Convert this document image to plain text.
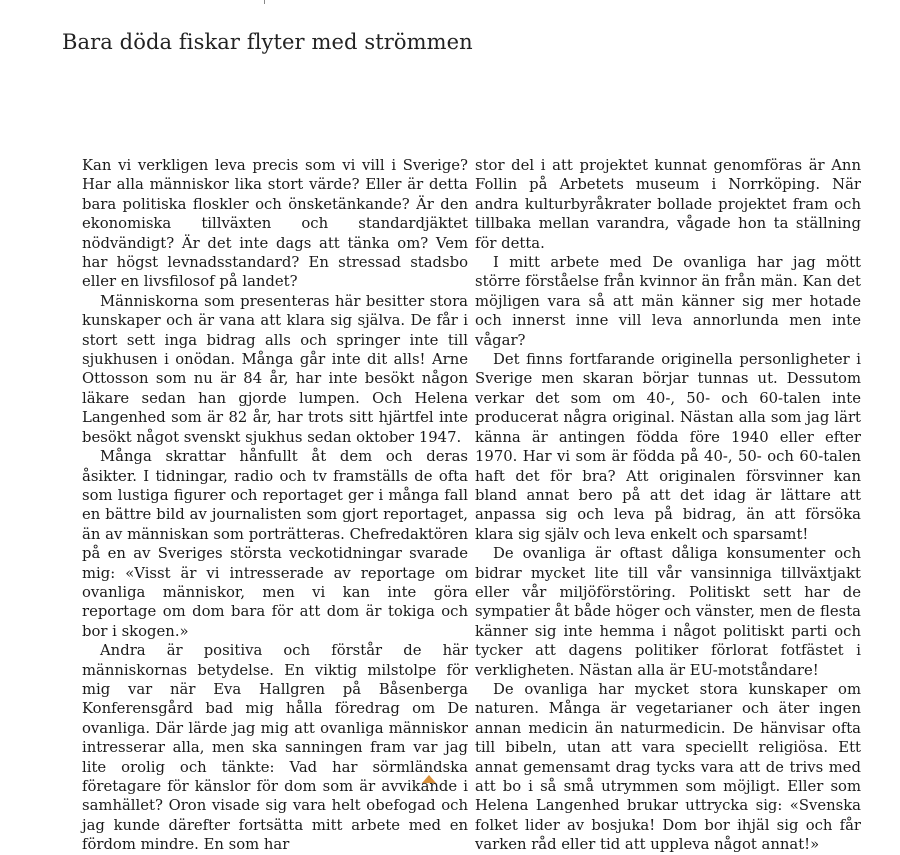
Bara döda fiskar flyter med strömmen

Kan vi verkligen leva precis som vi vill i Sverige? Har alla människor lika stort värde? Eller är detta bara politiska floskler och önsketänkande? Är den ekonomiska tillväxten och standardjäktet nödvändigt? Är det inte dags att tänka om? Vem har högst levnadsstandard? En stressad stadsbo eller en livsfilosof på landet?

Människorna som presenteras här besitter stora kunskaper och är vana att klara sig själva. De får i stort sett inga bidrag alls och springer inte till sjukhusen i onödan. Många går inte dit alls! Arne Ottosson som nu är 84 år, har inte besökt någon läkare sedan han gjorde lumpen. Och Helena Langenhed som är 82 år, har trots sitt hjärtfel inte besökt något svenskt sjukhus sedan oktober 1947.

Många skrattar hånfullt åt dem och deras åsikter. I tidningar, radio och tv framställs de ofta som lustiga figurer och reportaget ger i många fall en bättre bild av journalisten som gjort reportaget, än av människan som porträtteras. Chefredaktören på en av Sveriges största veckotidningar svarade mig: «Visst är vi intresserade av reportage om ovanliga människor, men vi kan inte göra reportage om dom bara för att dom är tokiga och bor i skogen.»

Andra är positiva och förstår de här människornas betydelse. En viktig milstolpe för mig var när Eva Hallgren på Båsenberga Konferensgård bad mig hålla föredrag om De ovanliga. Där lärde jag mig att ovanliga människor intresserar alla, men ska sanningen fram var jag lite orolig och tänkte: Vad har sörmländska företagare för känslor för dom som är avvikande i samhället? Oron visade sig vara helt obefogad och jag kunde därefter fortsätta mitt arbete med en fördom mindre. En som har

stor del i att projektet kunnat genomföras är Ann Follin på Arbetets museum i Norrköping. När andra kulturbyråkrater bollade projektet fram och tillbaka mellan varandra, vågade hon ta ställning för detta.

I mitt arbete med De ovanliga har jag mött större förståelse från kvinnor än från män. Kan det möjligen vara så att män känner sig mer hotade och innerst inne vill leva annorlunda men inte vågar?

Det finns fortfarande originella personligheter i Sverige men skaran börjar tunnas ut. Dessutom verkar det som om 40-, 50- och 60-talen inte producerat några original. Nästan alla som jag lärt känna är antingen födda före 1940 eller efter 1970. Har vi som är födda på 40-, 50- och 60-talen haft det för bra? Att originalen försvinner kan bland annat bero på att det idag är lättare att anpassa sig och leva på bidrag, än att försöka klara sig själv och leva enkelt och sparsamt!

De ovanliga är oftast dåliga konsumenter och bidrar mycket lite till vår vansinniga tillväxtjakt eller vår miljöförstöring. Politiskt sett har de sympatier åt både höger och vänster, men de flesta känner sig inte hemma i något politiskt parti och tycker att dagens politiker förlorat fotfästet i verkligheten. Nästan alla är EU-motståndare!

De ovanliga har mycket stora kunskaper om naturen. Många är vegetarianer och äter ingen annan medicin än naturmedicin. De hänvisar ofta till bibeln, utan att vara speciellt religiösa. Ett annat gemensamt drag tycks vara att de trivs med att bo i så små utrymmen som möjligt. Eller som Helena Langenhed brukar uttrycka sig: «Svenska folket lider av bosjuka! Dom bor ihjäl sig och får varken råd eller tid att uppleva något annat!»
